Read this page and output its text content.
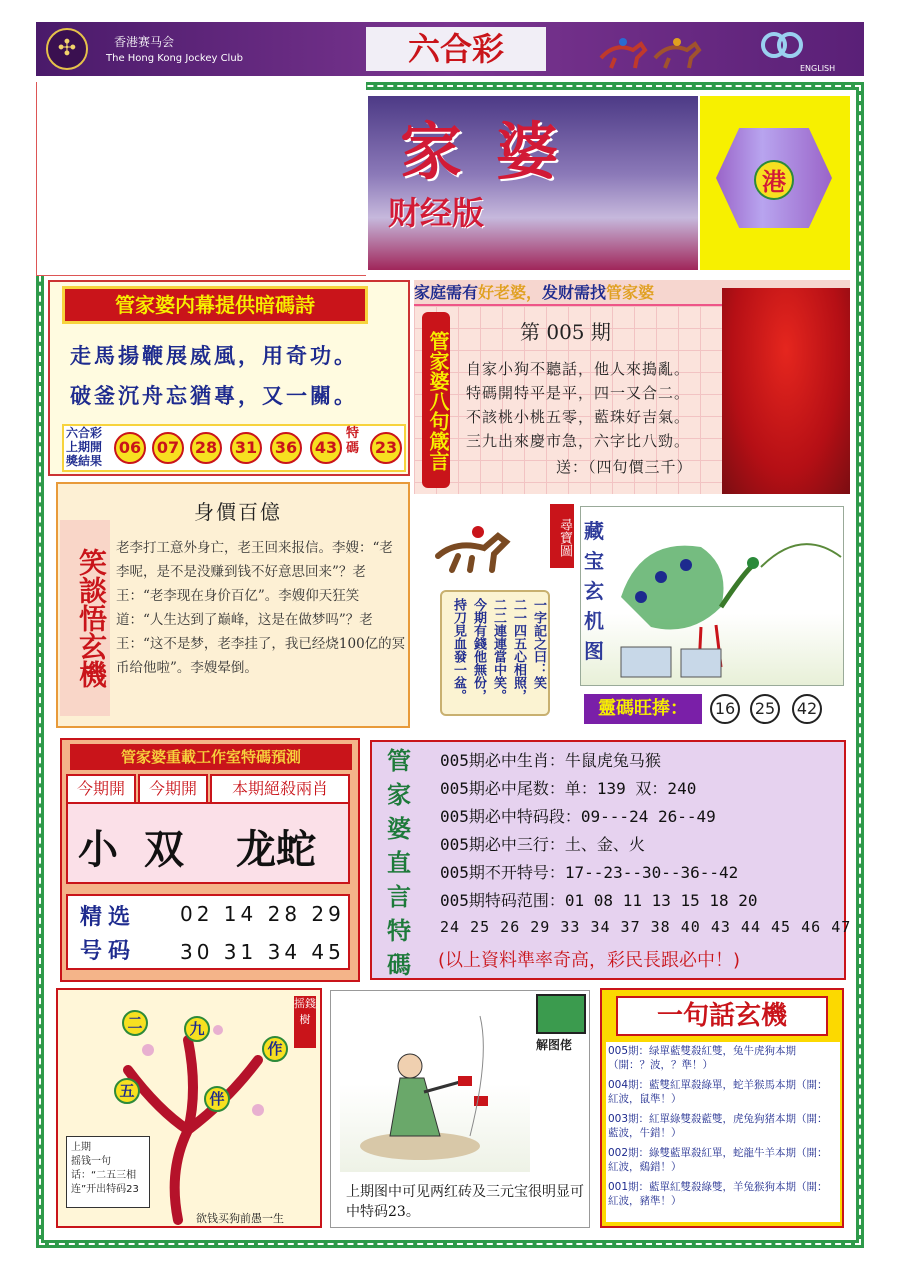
✣	香港赛马会
The Hong Kong Jockey Club	六合彩
ENGLISH
家婆
财经版
港
管家婆内幕提供暗碼詩
走馬揚鞭展威風，用奇功。
破釜沉舟忘猶專，又一關。
六合彩上期開獎結果
06 07 28	31	36	43
特碼 23
家庭需有好老婆，发财需找管家婆
管家婆八句箴言	第 005 期
自家小狗不聽話，他人來搗亂。
特碼開特平是平，四一又合二。
不該桃小桃五零，藍珠好吉氣。
三九出來慶市急，六字比八勁。
送：（四句價三千）
笑談悟玄機
身價百億
老李打工意外身亡，老王回来报信。李嫂：“老李呢，是不是没赚到钱不好意思回来”？老王：“老李现在身价百亿”。李嫂仰天狂笑道：“人生达到了巅峰，这是在做梦吗”？老王：“这不是梦，老李挂了，我已经烧100亿的冥币给他啦”。李嫂晕倒。
尋寶圖
一字記之曰：笑
二一四五心相照，
二二連連當中笑。
今期有錢他無份，
持刀見血發一盆。
藏宝玄机图
靈碼旺捧：	16	25	42
管家婆重載工作室特碼預測
今期開	今期開	本期絕殺兩肖
小 双 龙蛇
精选号码
02 14 28 29
30 31 34 45
管家婆直言特碼
005期必中生肖：牛鼠虎兔马猴
005期必中尾数：单：139 双：240
005期必中特码段：09---24 26--49
005期必中三行：土、金、火
005期不开特号：17--23--30--36--42
005期特码范围：01 08 11 13 15 18 20
24 25 26 29 33 34 37 38 40 43 44 45 46 47
(以上資料準率奇高，彩民長跟必中！)
摇錢樹
二	九
作
五	伴
上期
摇钱一句话：“二五三相连”开出特码23
欲钱买狗前愚一生
解图佬
上期图中可见两红砖及三元宝很明显可中特码23。
一句話玄機
005期：绿單藍雙殺紅雙，兔牛虎狗本期（開：？波，？準！）
004期：藍雙紅單殺綠單，蛇羊猴馬本期（開：紅波，鼠準！）
003期：紅單綠雙殺藍雙，虎兔狗猪本期（開：藍波，牛錯！）
002期：綠雙藍單殺紅單，蛇龍牛羊本期（開：紅波，鷄錯！）
001期：藍單紅雙殺綠雙，羊兔猴狗本期（開：紅波，豬準！）
